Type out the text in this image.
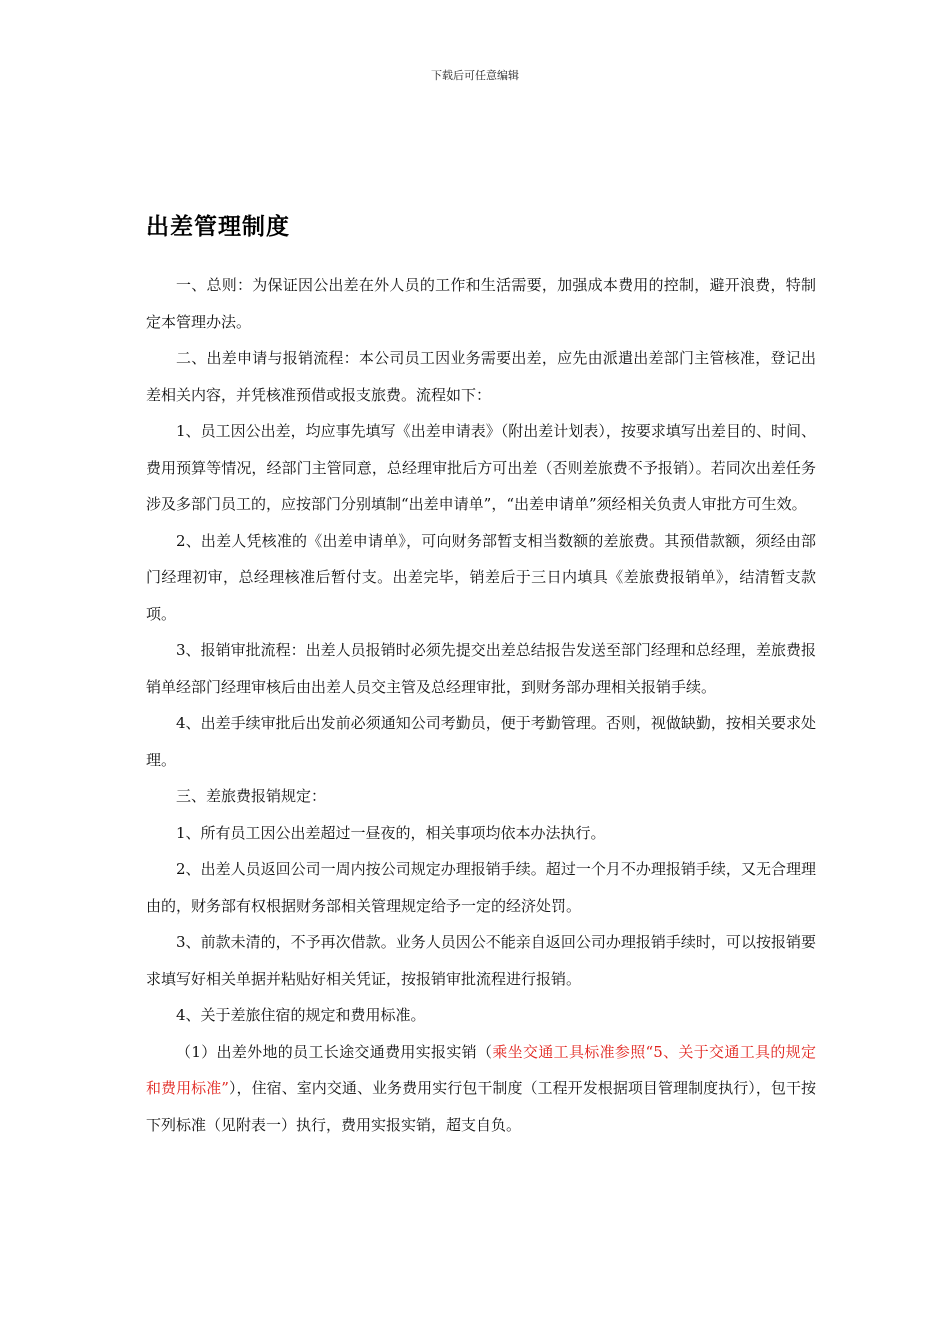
下载后可任意编辑
出差管理制度

一、总则：为保证因公出差在外人员的工作和生活需要，加强成本费用的控制，避开浪费，特制定本管理办法。

二、出差申请与报销流程：本公司员工因业务需要出差，应先由派遣出差部门主管核准，登记出差相关内容，并凭核准预借或报支旅费。流程如下：

1、员工因公出差，均应事先填写《出差申请表》（附出差计划表），按要求填写出差目的、时间、费用预算等情况，经部门主管同意，总经理审批后方可出差（否则差旅费不予报销）。若同次出差任务涉及多部门员工的，应按部门分别填制“出差申请单”，“出差申请单”须经相关负责人审批方可生效。

2、出差人凭核准的《出差申请单》，可向财务部暂支相当数额的差旅费。其预借款额，须经由部门经理初审，总经理核准后暂付支。出差完毕，销差后于三日内填具《差旅费报销单》，结清暂支款项。

3、报销审批流程：出差人员报销时必须先提交出差总结报告发送至部门经理和总经理，差旅费报销单经部门经理审核后由出差人员交主管及总经理审批，到财务部办理相关报销手续。

4、出差手续审批后出发前必须通知公司考勤员，便于考勤管理。否则，视做缺勤，按相关要求处理。

三、差旅费报销规定：

1、所有员工因公出差超过一昼夜的，相关事项均依本办法执行。

2、出差人员返回公司一周内按公司规定办理报销手续。超过一个月不办理报销手续，又无合理理由的，财务部有权根据财务部相关管理规定给予一定的经济处罚。

3、前款未清的，不予再次借款。业务人员因公不能亲自返回公司办理报销手续时，可以按报销要求填写好相关单据并粘贴好相关凭证，按报销审批流程进行报销。

4、关于差旅住宿的规定和费用标准。

（1）出差外地的员工长途交通费用实报实销（乘坐交通工具标准参照“5、关于交通工具的规定和费用标准”），住宿、室内交通、业务费用实行包干制度（工程开发根据项目管理制度执行），包干按下列标准（见附表一）执行，费用实报实销，超支自负。
